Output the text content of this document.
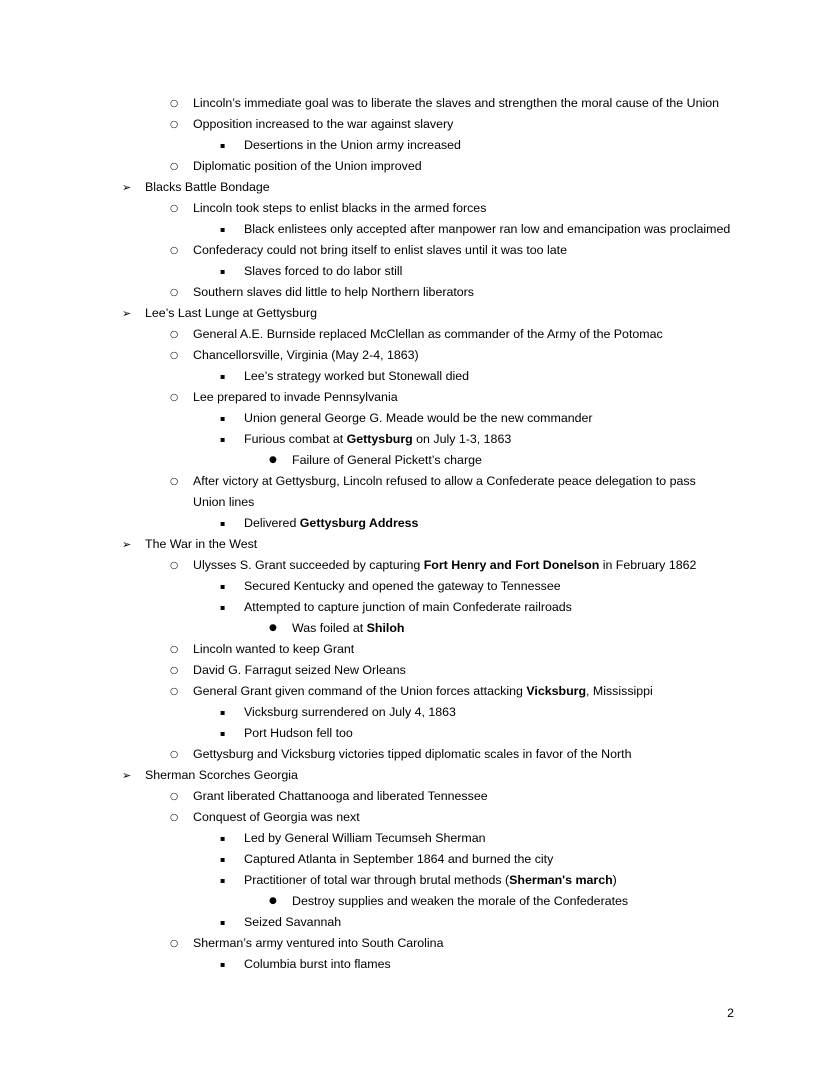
○ Lincoln’s immediate goal was to liberate the slaves and strengthen the moral cause of the Union
○ Opposition increased to the war against slavery
▪ Desertions in the Union army increased
○ Diplomatic position of the Union improved
➢ Blacks Battle Bondage
○ Lincoln took steps to enlist blacks in the armed forces
▪ Black enlistees only accepted after manpower ran low and emancipation was proclaimed
○ Confederacy could not bring itself to enlist slaves until it was too late
▪ Slaves forced to do labor still
○ Southern slaves did little to help Northern liberators
➢ Lee’s Last Lunge at Gettysburg
○ General A.E. Burnside replaced McClellan as commander of the Army of the Potomac
○ Chancellorsville, Virginia (May 2-4, 1863)
▪ Lee’s strategy worked but Stonewall died
○ Lee prepared to invade Pennsylvania
▪ Union general George G. Meade would be the new commander
▪ Furious combat at Gettysburg on July 1-3, 1863
● Failure of General Pickett’s charge
○ After victory at Gettysburg, Lincoln refused to allow a Confederate peace delegation to pass Union lines
▪ Delivered Gettysburg Address
➢ The War in the West
○ Ulysses S. Grant succeeded by capturing Fort Henry and Fort Donelson in February 1862
▪ Secured Kentucky and opened the gateway to Tennessee
▪ Attempted to capture junction of main Confederate railroads
● Was foiled at Shiloh
○ Lincoln wanted to keep Grant
○ David G. Farragut seized New Orleans
○ General Grant given command of the Union forces attacking Vicksburg, Mississippi
▪ Vicksburg surrendered on July 4, 1863
▪ Port Hudson fell too
○ Gettysburg and Vicksburg victories tipped diplomatic scales in favor of the North
➢ Sherman Scorches Georgia
○ Grant liberated Chattanooga and liberated Tennessee
○ Conquest of Georgia was next
▪ Led by General William Tecumseh Sherman
▪ Captured Atlanta in September 1864 and burned the city
▪ Practitioner of total war through brutal methods (Sherman's march)
● Destroy supplies and weaken the morale of the Confederates
▪ Seized Savannah
○ Sherman’s army ventured into South Carolina
▪ Columbia burst into flames
2
